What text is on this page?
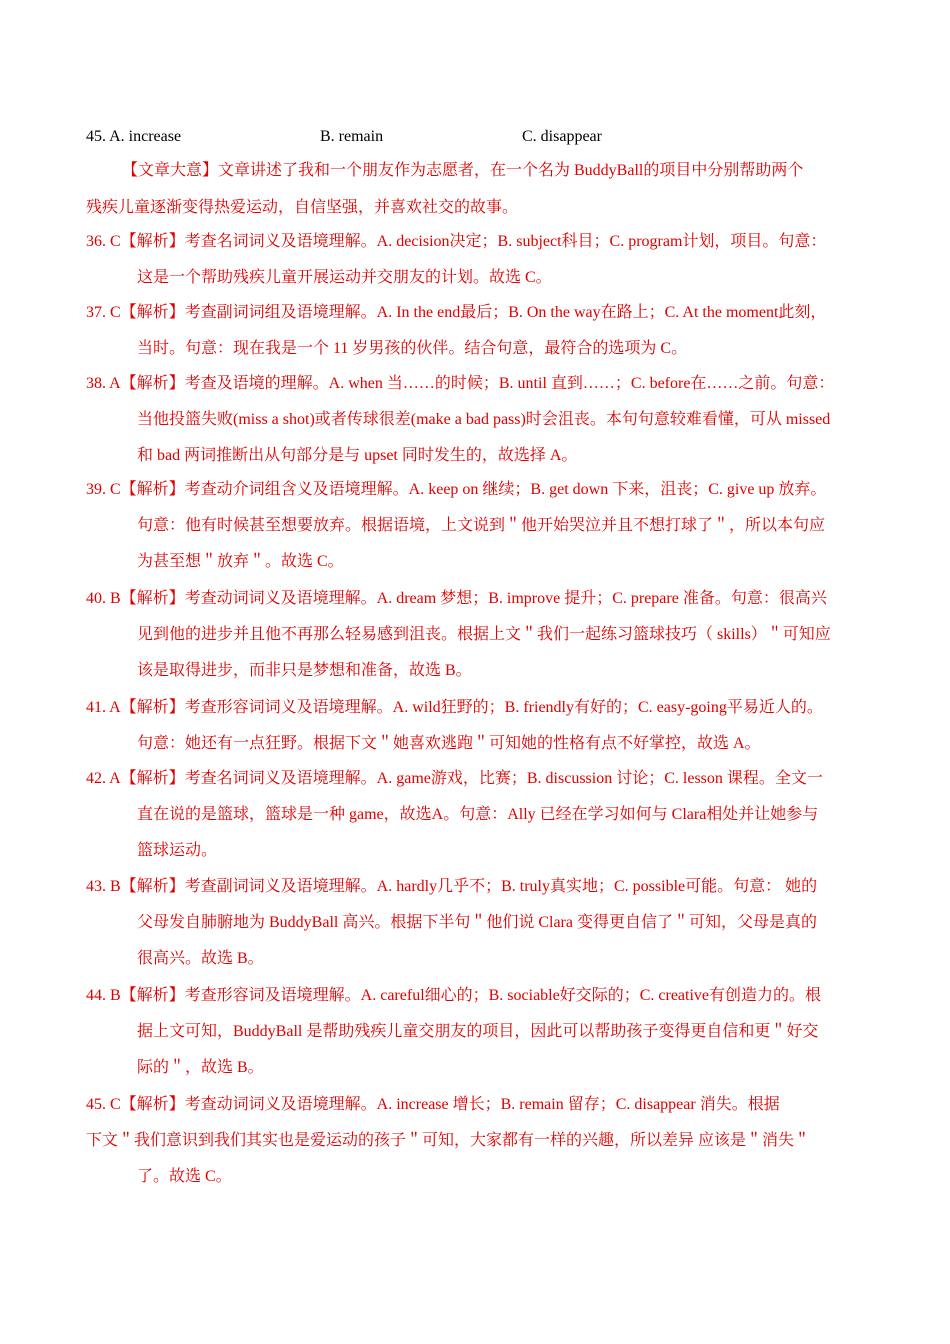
45. A. increase	B. remain	C. disappear
【文章大意】文章讲述了我和一个朋友作为志愿者，在一个名为 BuddyBall的项目中分别帮助两个
残疾儿童逐渐变得热爱运动，自信坚强，并喜欢社交的故事。
36. C【解析】考查名词词义及语境理解。A. decision决定；B. subject科目；C. program计划，项目。句意：
这是一个帮助残疾儿童开展运动并交朋友的计划。故选 C。
37. C【解析】考查副词词组及语境理解。A. In the end最后；B. On the way在路上；C. At the moment此刻，
当时。句意：现在我是一个 11 岁男孩的伙伴。结合句意，最符合的选项为 C。
38. A【解析】考查及语境的理解。A. when 当……的时候；B. until 直到……；C. before在……之前。句意：
当他投篮失败(miss a shot)或者传球很差(make a bad pass)时会沮丧。本句句意较难看懂，可从 missed
和 bad 两词推断出从句部分是与 upset 同时发生的，故选择 A。
39. C【解析】考查动介词组含义及语境理解。A. keep on 继续；B. get down 下来，沮丧；C. give up 放弃。
句意：他有时候甚至想要放弃。根据语境，上文说到＂他开始哭泣并且不想打球了＂，所以本句应
为甚至想＂放弃＂。故选 C。
40. B【解析】考查动词词义及语境理解。A. dream 梦想；B. improve 提升；C. prepare 准备。句意：很高兴
见到他的进步并且他不再那么轻易感到沮丧。根据上文＂我们一起练习篮球技巧（ skills）＂可知应
该是取得进步，而非只是梦想和准备，故选 B。
41. A【解析】考查形容词词义及语境理解。A. wild狂野的；B. friendly有好的；C. easy-going平易近人的。
句意：她还有一点狂野。根据下文＂她喜欢逃跑＂可知她的性格有点不好掌控，故选 A。
42. A【解析】考查名词词义及语境理解。A. game游戏，比赛；B. discussion 讨论；C. lesson 课程。全文一
直在说的是篮球，篮球是一种 game，故选A。句意：Ally 已经在学习如何与 Clara相处并让她参与
篮球运动。
43. B【解析】考查副词词义及语境理解。A. hardly几乎不；B. truly真实地；C. possible可能。句意： 她的
父母发自肺腑地为 BuddyBall 高兴。根据下半句＂他们说 Clara 变得更自信了＂可知，父母是真的
很高兴。故选 B。
44. B【解析】考查形容词及语境理解。A. careful细心的；B. sociable好交际的；C. creative有创造力的。根
据上文可知，BuddyBall 是帮助残疾儿童交朋友的项目，因此可以帮助孩子变得更自信和更＂好交
际的＂，故选 B。
45. C【解析】考查动词词义及语境理解。A. increase 增长；B. remain 留存；C. disappear 消失。根据
下文＂我们意识到我们其实也是爱运动的孩子＂可知，大家都有一样的兴趣，所以差异 应该是＂消失＂
了。故选 C。
